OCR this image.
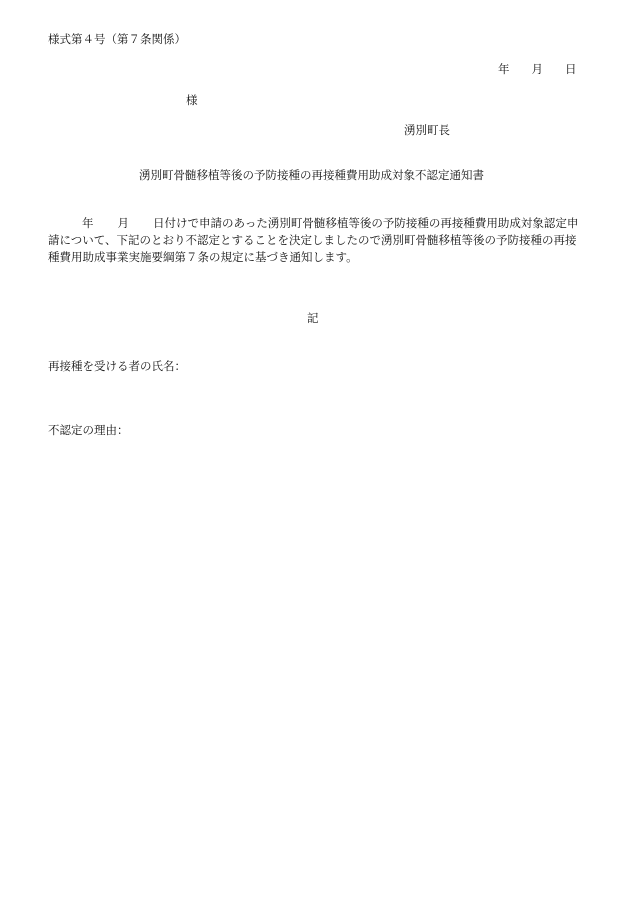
様式第４号（第７条関係）
年 月 日
様
湧別町長
湧別町骨髄移植等後の予防接種の再接種費用助成対象不認定通知書
年 月 日付けで申請のあった湧別町骨髄移植等後の予防接種の再接種費用助成対象認定申
請について、下記のとおり不認定とすることを決定しましたので湧別町骨髄移植等後の予防接種の再接
種費用助成事業実施要綱第７条の規定に基づき通知します。
記
再接種を受ける者の氏名：
不認定の理由：
